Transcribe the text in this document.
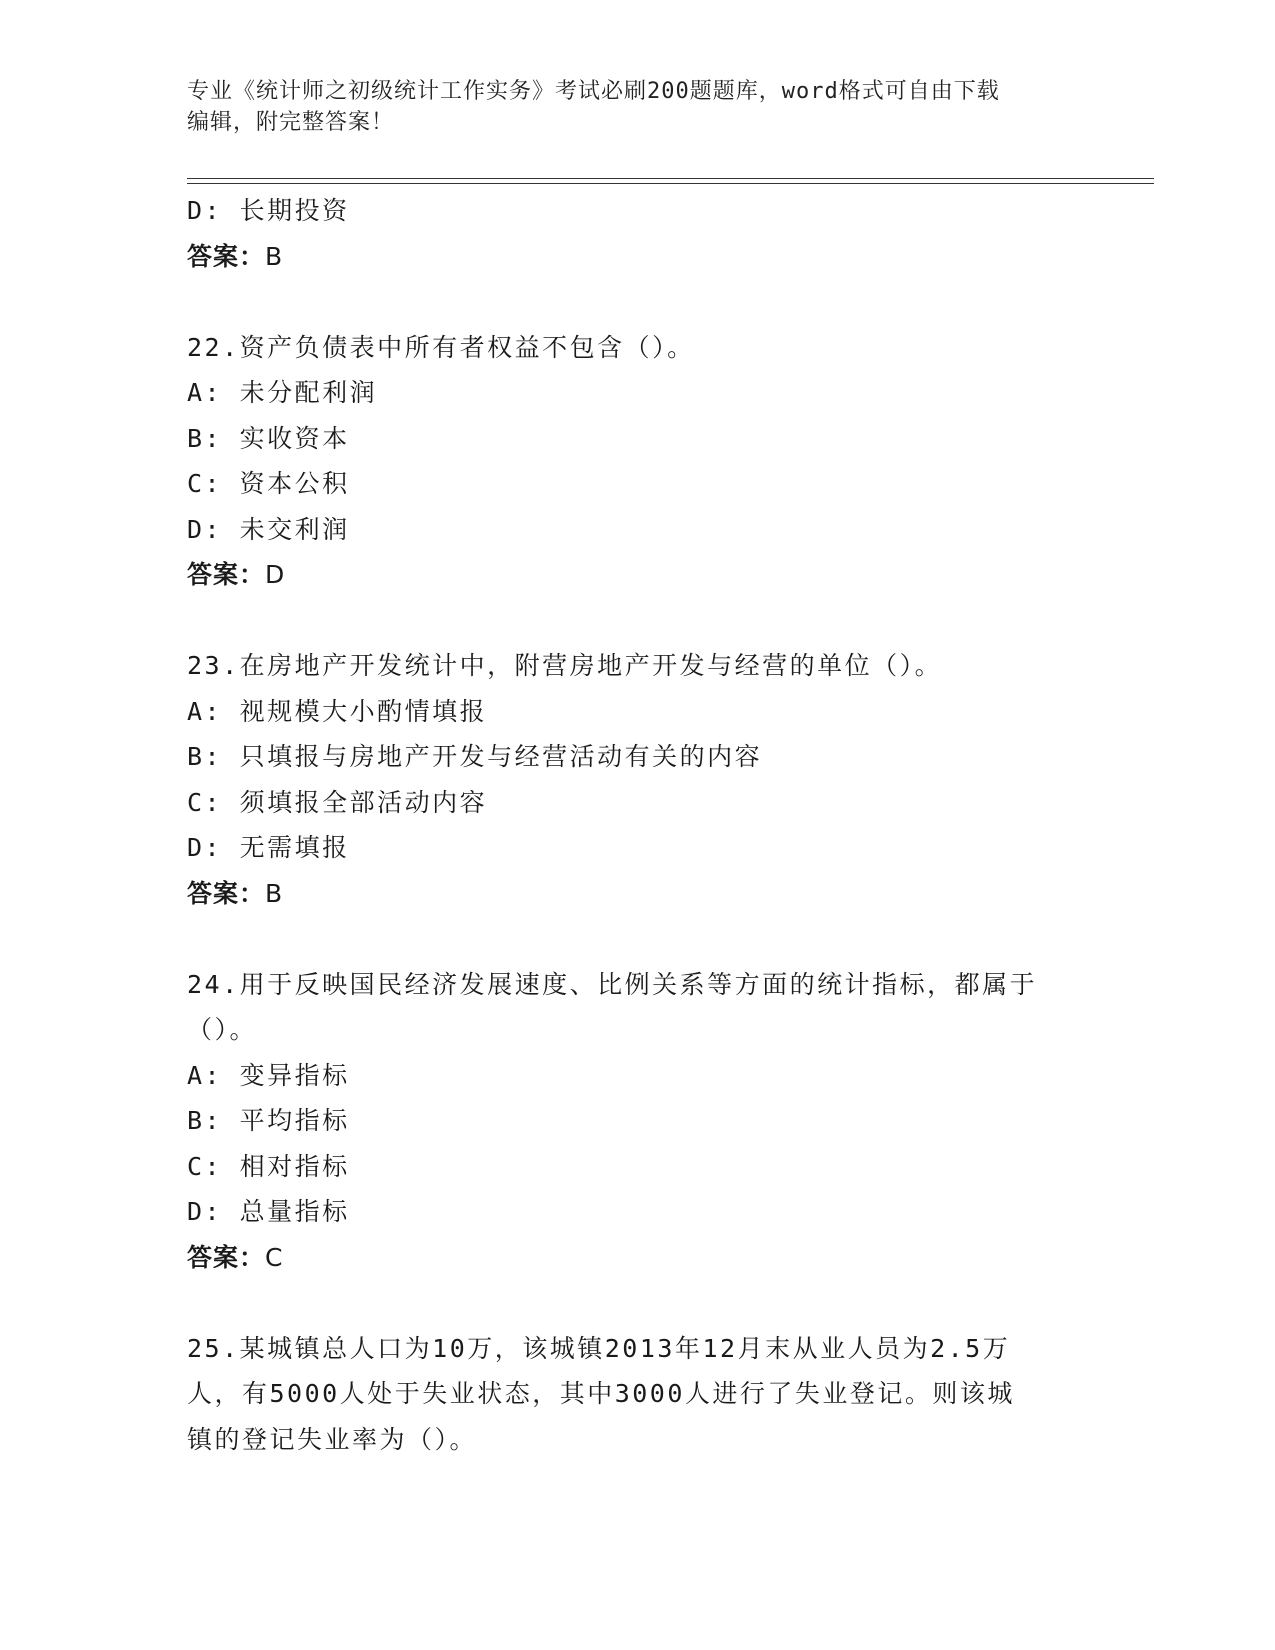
专业《统计师之初级统计工作实务》考试必刷200题题库，word格式可自由下载
编辑，附完整答案！
D: 长期投资
答案：B
22.资产负债表中所有者权益不包含（）。
A: 未分配利润
B: 实收资本
C: 资本公积
D: 未交利润
答案：D
23.在房地产开发统计中，附营房地产开发与经营的单位（）。
A: 视规模大小酌情填报
B: 只填报与房地产开发与经营活动有关的内容
C: 须填报全部活动内容
D: 无需填报
答案：B
24.用于反映国民经济发展速度、比例关系等方面的统计指标，都属于
（）。
A: 变异指标
B: 平均指标
C: 相对指标
D: 总量指标
答案：C
25.某城镇总人口为10万，该城镇2013年12月末从业人员为2.5万
人，有5000人处于失业状态，其中3000人进行了失业登记。则该城
镇的登记失业率为（）。
